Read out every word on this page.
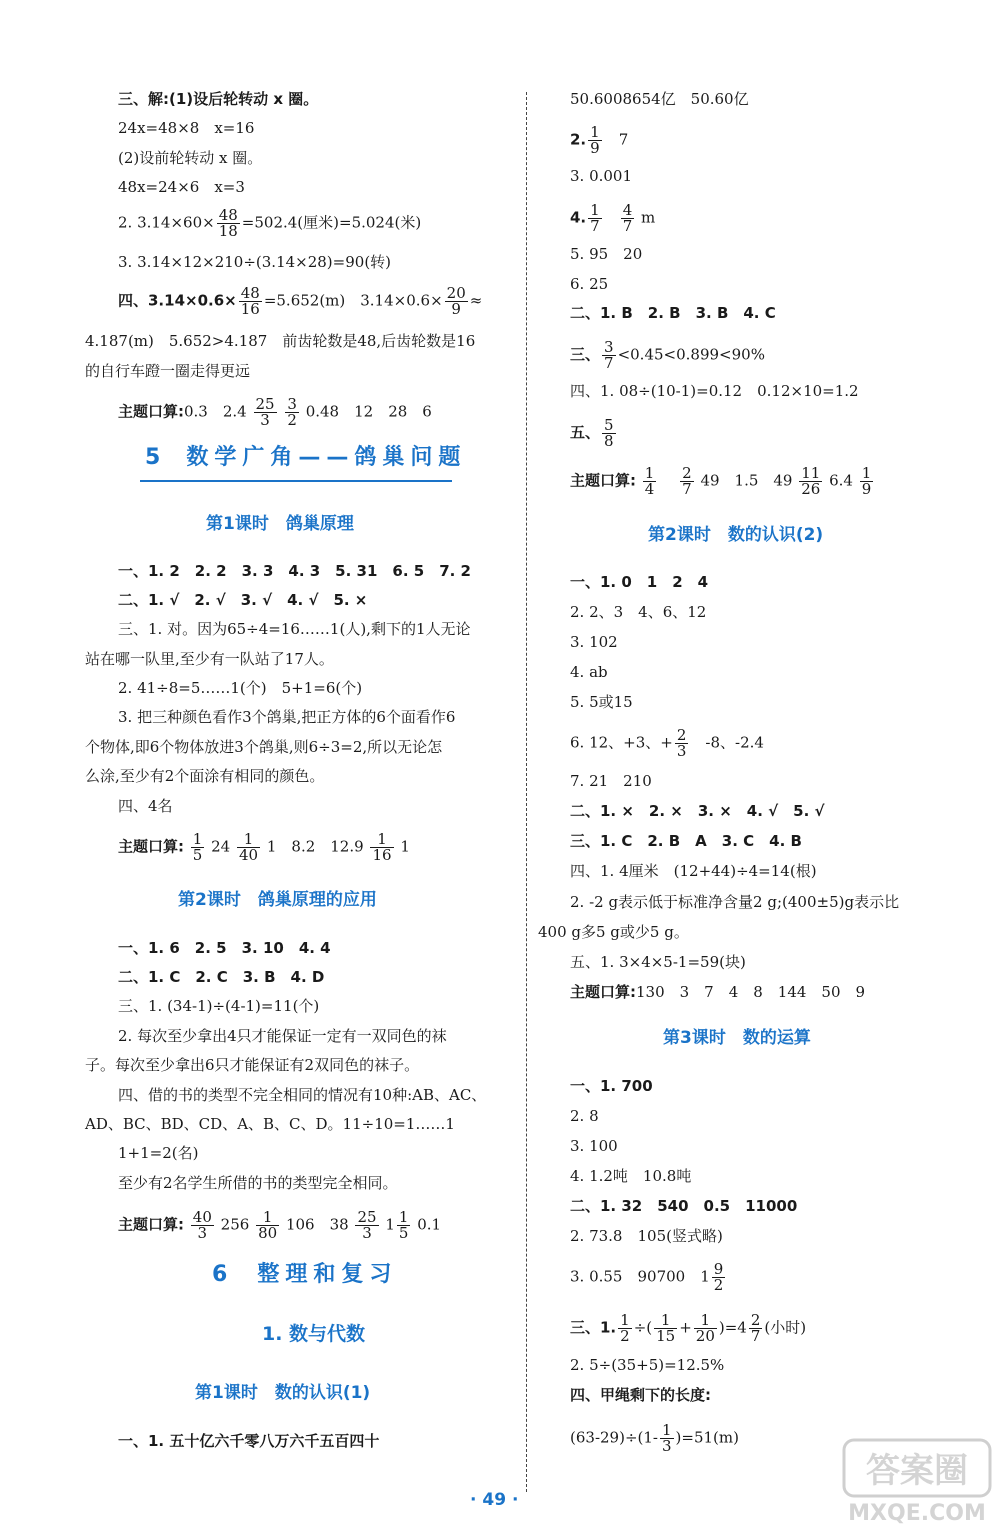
三、解:(1)设后轮转动 x 圈。
24x=48×8　x=16
(2)设前轮转动 x 圈。
48x=24×6　x=3
2. $3.14\times 60\times \frac{48}{18} =502.4$(厘米)=5.024(米)
3. 3.14×12×210÷(3.14×28)=90(转)
四、$3.14\times 0.6\times \frac{48}{16} =5.652(m)$　$3.14\times 0.6\times \frac{20}{9}$ ≈
4.187(m)　5.652>4.187　前齿轮数是48,后齿轮数是16
的自行车蹬一圈走得更远
主题口算:0.3　$2.4 \frac{25}{3}$
$\frac{3}{2} 0.48$　12　28　6
5 数学广角——鸽巢问题
第1课时　鸽巢原理
一、1. 2　2. 2　3. 3　4. 3　5. 31　6. 5　7. 2
二、1. √　2. √　3. √　4. √　5. ×
三、1. 对。因为65÷4=16……1(人),剩下的1人无论
站在哪一队里,至少有一队站了17人。
2. 41÷8=5……1(个)　5+1=6(个)
3. 把三种颜色看作3个鸽巢,把正方体的6个面看作6
个物体,即6个物体放进3个鸽巢,则6÷3=2,所以无论怎
么涂,至少有2个面涂有相同的颜色。
四、4名
主题口算: $\frac{1}{5} 24 \frac{1}{40} 1$　8.2　$12.9 \frac{1}{16} 1$
第2课时　鸽巢原理的应用
一、1. 6　2. 5　3. 10　4. 4
二、1. C　2. C　3. B　4. D
三、1. (34-1)÷(4-1)=11(个)
2. 每次至少拿出4只才能保证一定有一双同色的袜
子。每次至少拿出6只才能保证有2双同色的袜子。
四、借的书的类型不完全相同的情况有10种:AB、AC、
AD、BC、BD、CD、A、B、C、D。11÷10=1……1
1+1=2(名)
至少有2名学生所借的书的类型完全相同。
主题口算: $\frac{40}{3} 256 \frac{1}{80} 106$　$38 \frac{25}{3} 1 \frac{1}{5} 0.1$
6 整理和复习
1. 数与代数
第1课时　数的认识(1)
一、1. 五十亿六千零八万六千五百四十
50.6008654亿　50.60亿
2. $\frac{1}{9}$
　 7
3. 0.001
4. $\frac{1}{7}$
　 $\frac{4}{7}$ m
5. 95　20
6. 25
二、1. B　2. B　3. B　4. C
三、 $\frac{3}{7} <0.45<0.899<90\%$
四、1. 08÷(10-1)=0.12　0.12×10=1.2
五、 $\frac{5}{8}$
主题口算: $\frac{1}{4}$
　 $\frac{2}{7} 49$　1.5　$49 \frac{11}{26} 6.4 \frac{1}{9}$
第2课时　数的认识(2)
一、1. 0　1　2　4
2. 2、3　4、6、12
3. 102
4. ab
5. 5或15
6. 12、+3、+ $\frac{2}{3}$
　 -8、-2.4
7. 21　210
二、1. ×　2. ×　3. ×　4. √　5. √
三、1. C　2. B　A　3. C　4. B
四、1. 4厘米　(12+44)÷4=14(根)
2. -2 g表示低于标准净含量2 g;(400±5)g表示比
400 g多5 g或少5 g。
五、1. 3×4×5-1=59(块)
主题口算:130　3　7　4　8　144　50　9
第3课时　数的运算
一、1. 700
2. 8
3. 100
4. 1.2吨　10.8吨
二、1. 32　540　0.5　11000
2. 73.8　105(竖式略)
3. 0.55　90700　$1 \frac{9}{2}$
三、1. $\frac{1}{2}$ ÷( $\frac{1}{15} + \frac{1}{20} )=4 \frac{2}{7}$ (小时)
2. 5÷(35+5)=12.5%
四、甲绳剩下的长度:
$(63-29)\div(1- \frac{1}{3} )=51(m)$
· 49 ·
答案圈
MXQE.COM
